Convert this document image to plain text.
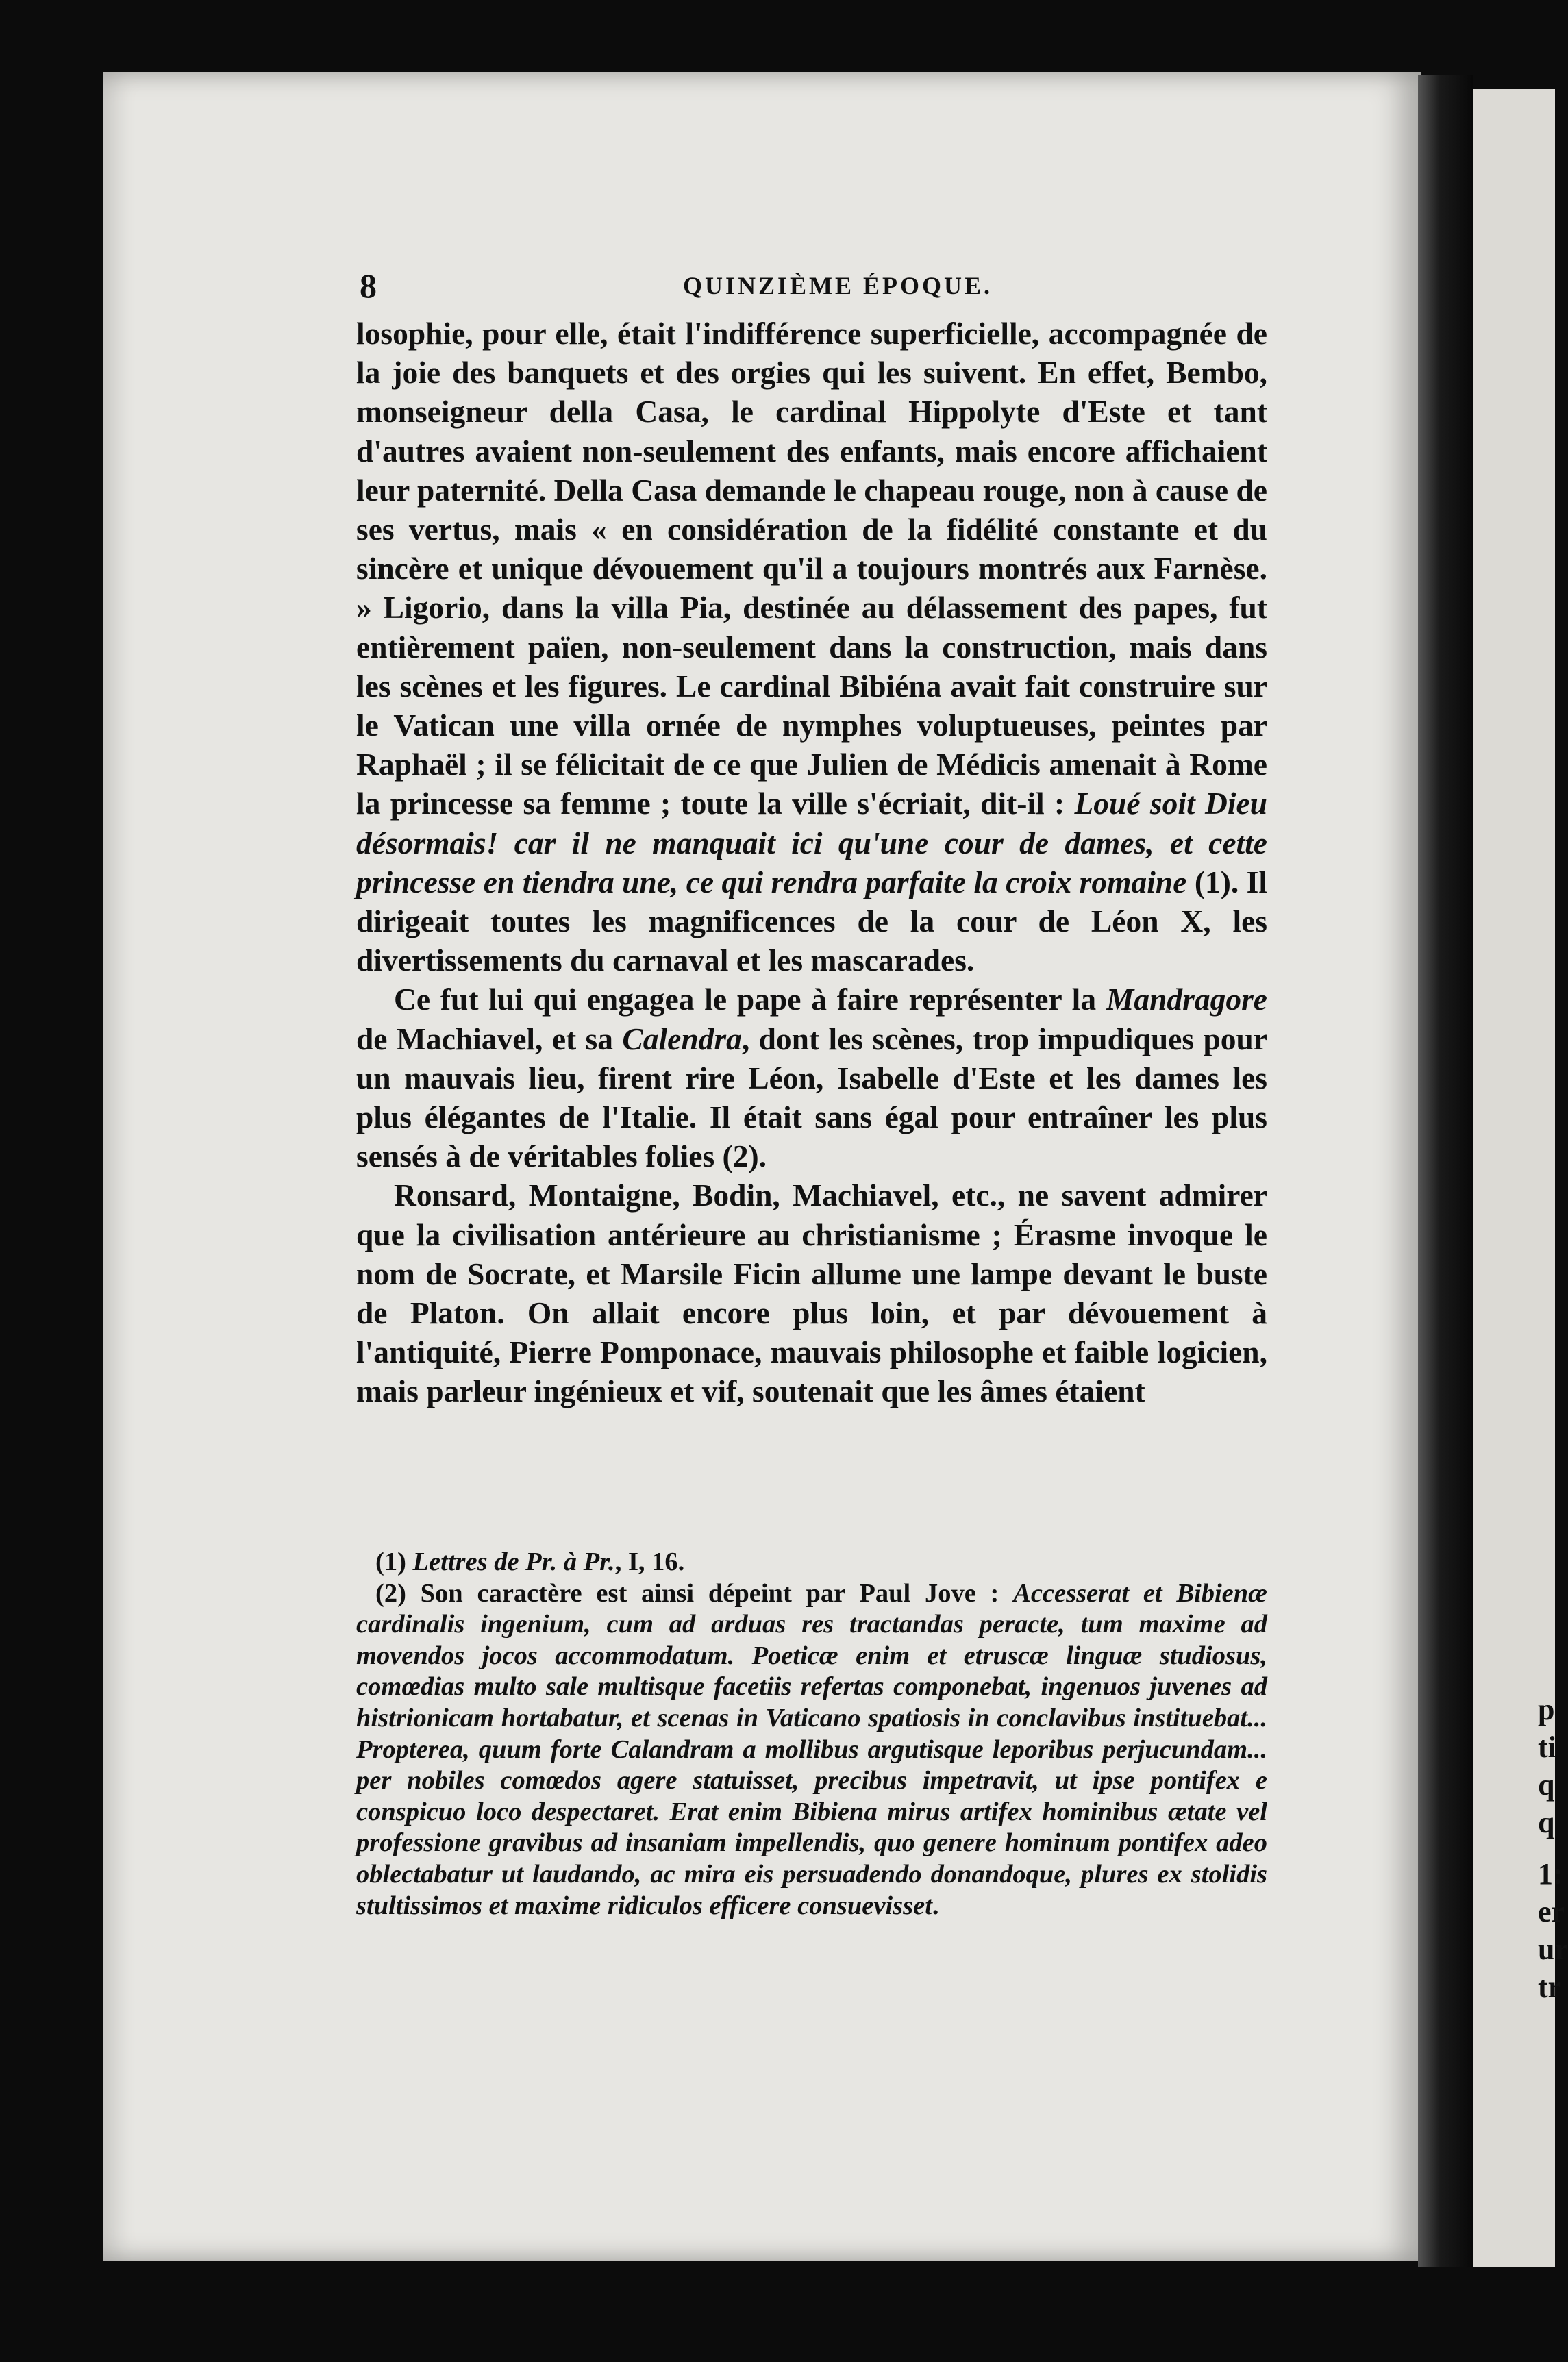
p
ti
q
q
1:
er
ur
tr
8	QUINZIÈME ÉPOQUE.

losophie, pour elle, était l'indifférence superficielle, accompagnée de la joie des banquets et des orgies qui les suivent. En effet, Bembo, monseigneur della Casa, le cardinal Hippolyte d'Este et tant d'autres avaient non-seulement des enfants, mais encore affichaient leur paternité. Della Casa demande le chapeau rouge, non à cause de ses vertus, mais « en considération de la fidélité constante et du sincère et unique dévouement qu'il a toujours montrés aux Farnèse. » Ligorio, dans la villa Pia, destinée au délassement des papes, fut entièrement païen, non-seulement dans la construction, mais dans les scènes et les figures. Le cardinal Bibiéna avait fait construire sur le Vatican une villa ornée de nymphes voluptueuses, peintes par Raphaël ; il se félicitait de ce que Julien de Médicis amenait à Rome la princesse sa femme ; toute la ville s'écriait, dit-il : Loué soit Dieu désormais! car il ne manquait ici qu'une cour de dames, et cette princesse en tiendra une, ce qui rendra parfaite la croix romaine (1). Il dirigeait toutes les magnificences de la cour de Léon X, les divertissements du carnaval et les mascarades.

Ce fut lui qui engagea le pape à faire représenter la Mandragore de Machiavel, et sa Calendra, dont les scènes, trop impudiques pour un mauvais lieu, firent rire Léon, Isabelle d'Este et les dames les plus élégantes de l'Italie. Il était sans égal pour entraîner les plus sensés à de véritables folies (2).

Ronsard, Montaigne, Bodin, Machiavel, etc., ne savent admirer que la civilisation antérieure au christianisme ; Érasme invoque le nom de Socrate, et Marsile Ficin allume une lampe devant le buste de Platon. On allait encore plus loin, et par dévouement à l'antiquité, Pierre Pomponace, mauvais philosophe et faible logicien, mais parleur ingénieux et vif, soutenait que les âmes étaient

(1) Lettres de Pr. à Pr., I, 16.

(2) Son caractère est ainsi dépeint par Paul Jove : Accesserat et Bibienæ cardinalis ingenium, cum ad arduas res tractandas peracte, tum maxime ad movendos jocos accommodatum. Poeticæ enim et etruscæ linguæ studiosus, comœdias multo sale multisque facetiis refertas componebat, ingenuos juvenes ad histrionicam hortabatur, et scenas in Vaticano spatiosis in conclavibus instituebat... Propterea, quum forte Calandram a mollibus argutisque leporibus perjucundam... per nobiles comœdos agere statuisset, precibus impetravit, ut ipse pontifex e conspicuo loco despectaret. Erat enim Bibiena mirus artifex hominibus ætate vel professione gravibus ad insaniam impellendis, quo genere hominum pontifex adeo oblectabatur ut laudando, ac mira eis persuadendo donandoque, plures ex stolidis stultissimos et maxime ridiculos efficere consuevisset.
